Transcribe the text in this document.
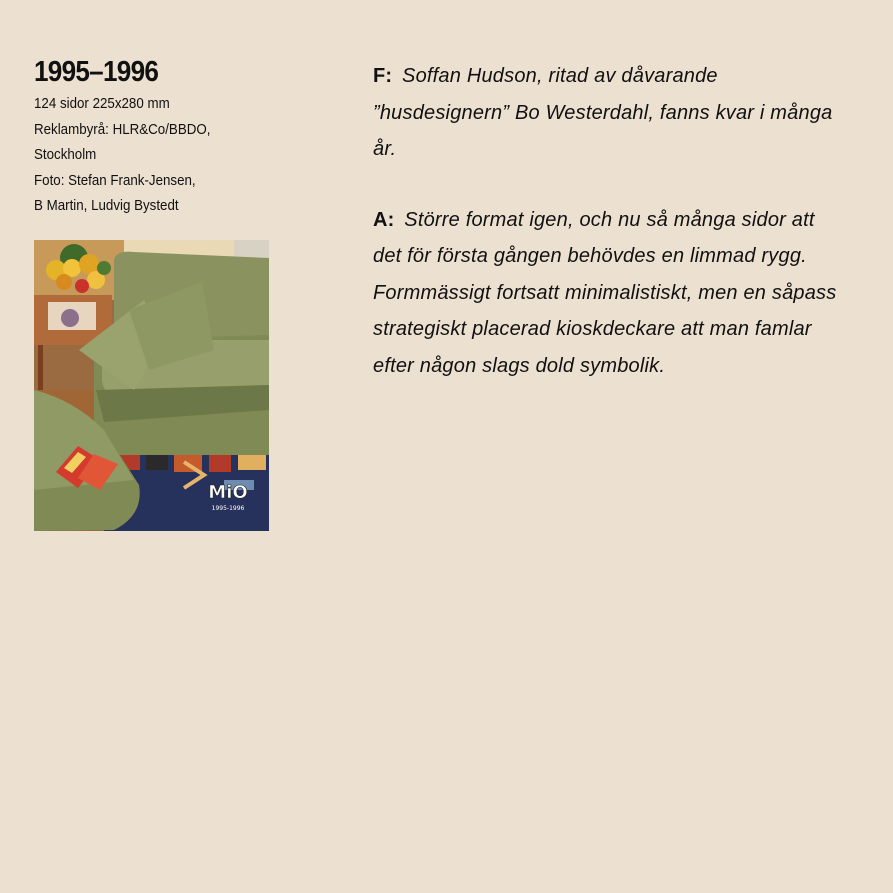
1995–1996
124 sidor 225x280 mm
Reklambyrå: HLR&Co/BBDO,
Stockholm
Foto: Stefan Frank-Jensen,
B Martin, Ludvig Bystedt
MiO
1995-1996

F: Soffan Hudson, ritad av dåvarande ”husdesignern” Bo Westerdahl, fanns kvar i många år.

A: Större format igen, och nu så många sidor att det för första gången behövdes en limmad rygg. Formmässigt fortsatt minimalistiskt, men en såpass strategiskt placerad kioskdeckare att man famlar efter någon slags dold symbolik.
